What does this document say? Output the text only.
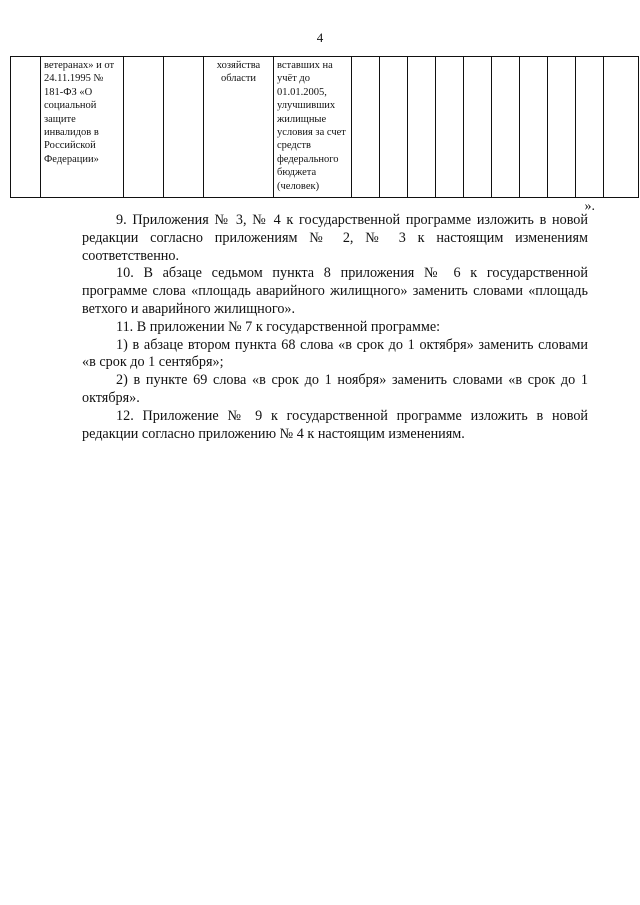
4
	ветеранах» и от 24.11.1995 № 181-ФЗ «О социальной защите инвалидов в Российской Федерации»			хозяйства области	вставших на учёт до 01.01.2005, улучшивших жилищные условия за счет средств федерального бюджета (человек)										
».

9. Приложения № 3, № 4 к государственной программе изложить в новой редакции согласно приложениям № 2, № 3 к настоящим изменениям соответственно.

10. В абзаце седьмом пункта 8 приложения № 6 к государственной программе слова «площадь аварийного жилищного» заменить словами «площадь ветхого и аварийного жилищного».

11. В приложении № 7 к государственной программе:

1) в абзаце втором пункта 68 слова «в срок до 1 октября» заменить словами «в срок до 1 сентября»;

2) в пункте 69 слова «в срок до 1 ноября» заменить словами «в срок до 1 октября».

12. Приложение № 9 к государственной программе изложить в новой редакции согласно приложению № 4 к настоящим изменениям.
